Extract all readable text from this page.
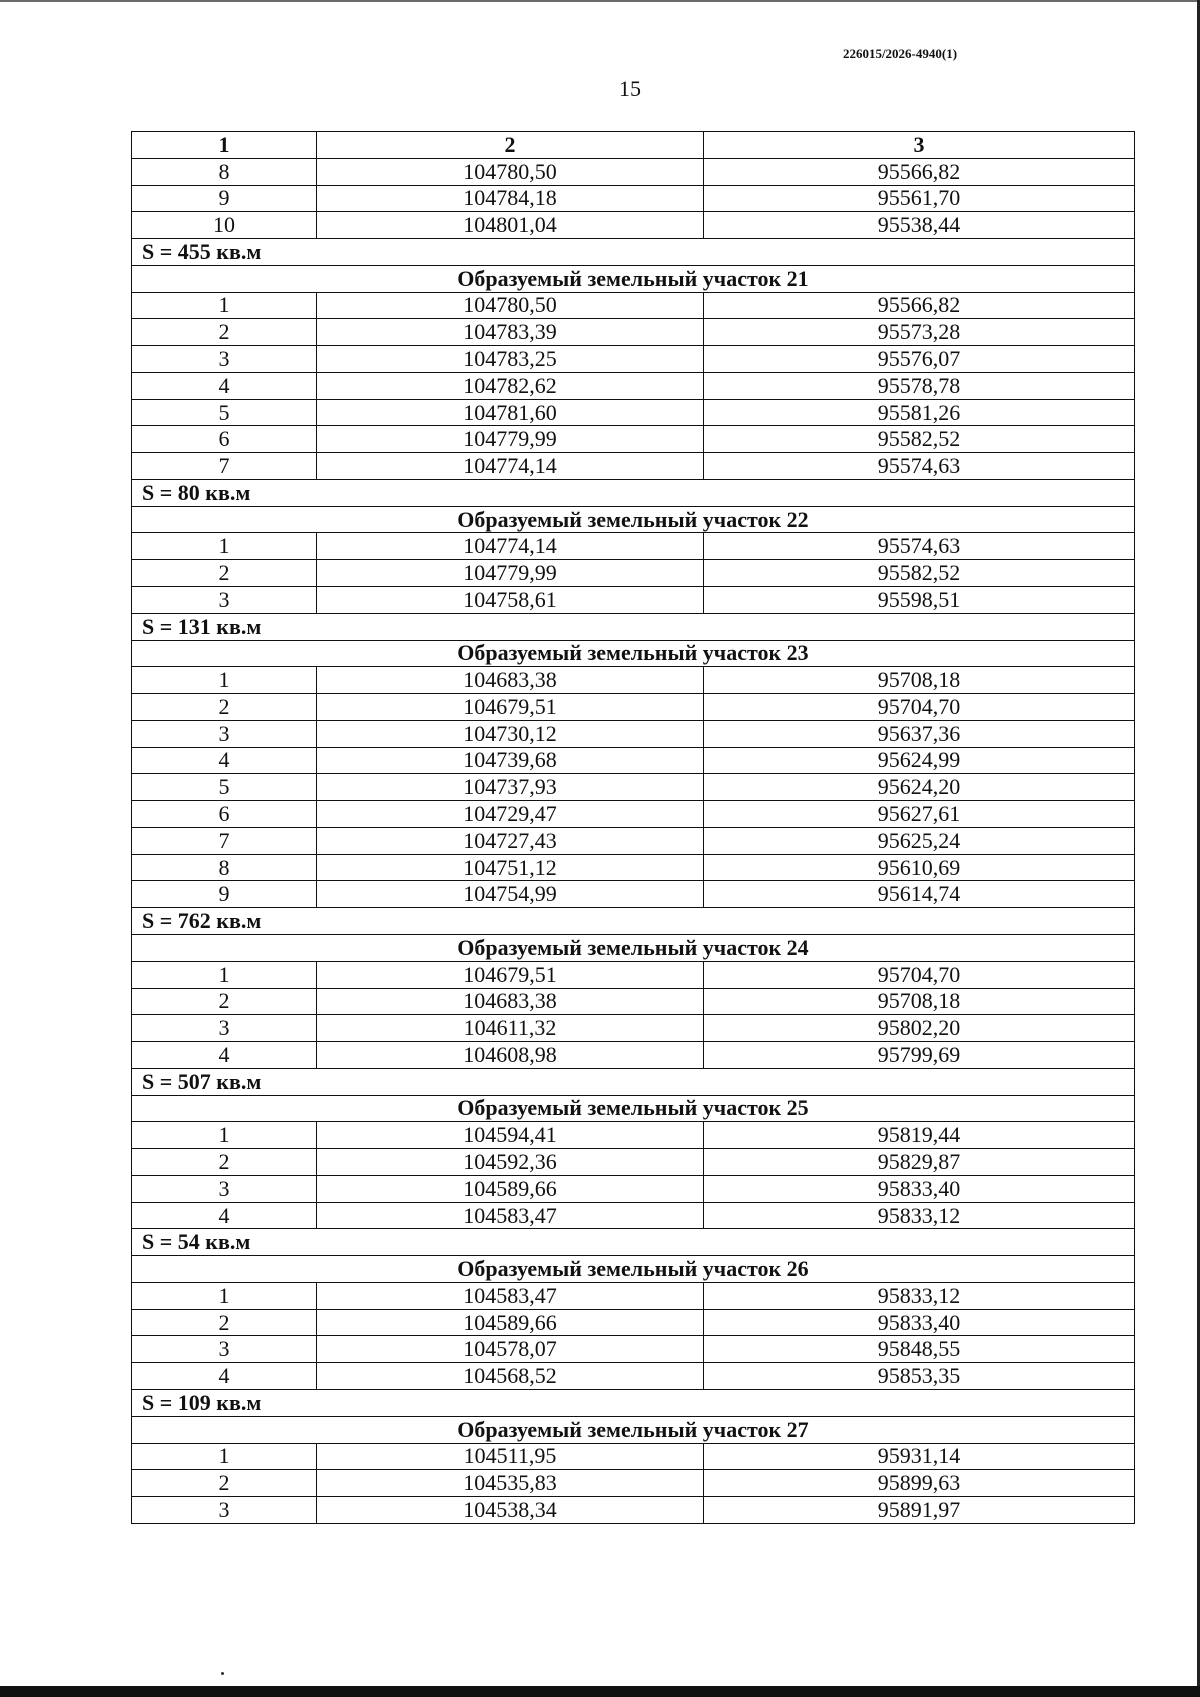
226015/2026-4940(1)
15
1	2	3
8	104780,50	95566,82
9	104784,18	95561,70
10	104801,04	95538,44
S = 455 кв.м		
Образуемый земельный участок 21		
1	104780,50	95566,82
2	104783,39	95573,28
3	104783,25	95576,07
4	104782,62	95578,78
5	104781,60	95581,26
6	104779,99	95582,52
7	104774,14	95574,63
S = 80 кв.м		
Образуемый земельный участок 22		
1	104774,14	95574,63
2	104779,99	95582,52
3	104758,61	95598,51
S = 131 кв.м		
Образуемый земельный участок 23		
1	104683,38	95708,18
2	104679,51	95704,70
3	104730,12	95637,36
4	104739,68	95624,99
5	104737,93	95624,20
6	104729,47	95627,61
7	104727,43	95625,24
8	104751,12	95610,69
9	104754,99	95614,74
S = 762 кв.м		
Образуемый земельный участок 24		
1	104679,51	95704,70
2	104683,38	95708,18
3	104611,32	95802,20
4	104608,98	95799,69
S = 507 кв.м		
Образуемый земельный участок 25		
1	104594,41	95819,44
2	104592,36	95829,87
3	104589,66	95833,40
4	104583,47	95833,12
S = 54 кв.м		
Образуемый земельный участок 26		
1	104583,47	95833,12
2	104589,66	95833,40
3	104578,07	95848,55
4	104568,52	95853,35
S = 109 кв.м		
Образуемый земельный участок 27		
1	104511,95	95931,14
2	104535,83	95899,63
3	104538,34	95891,97
